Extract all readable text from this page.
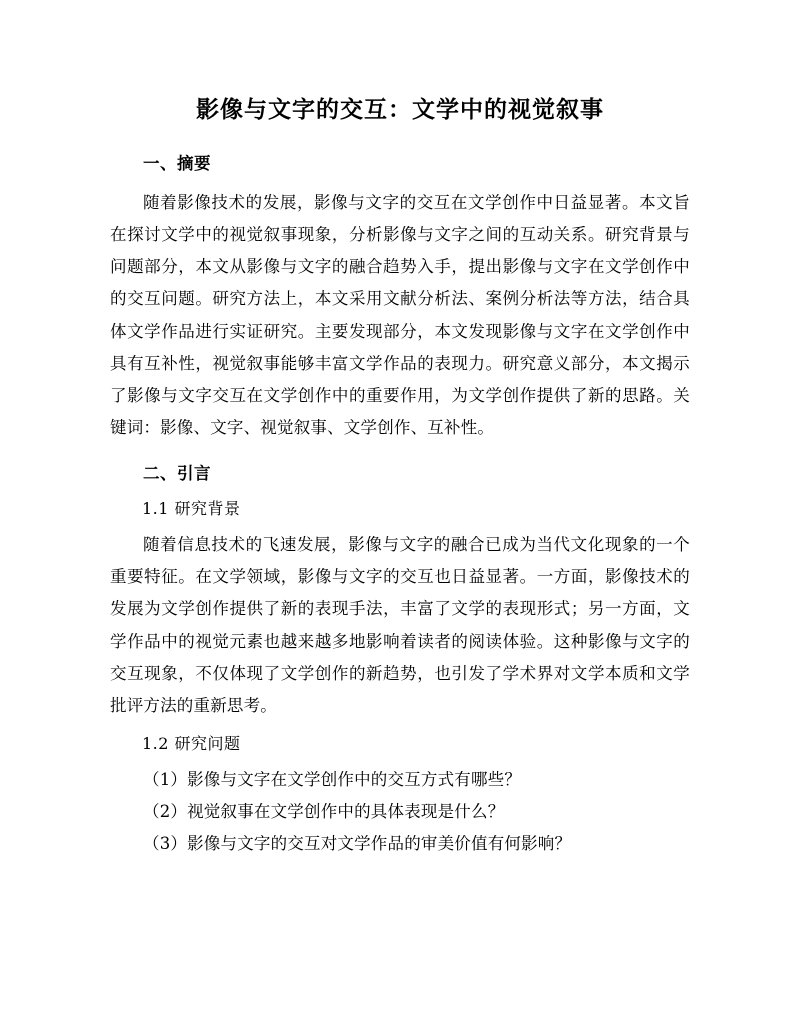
影像与文字的交互：文学中的视觉叙事
一、摘要

随着影像技术的发展，影像与文字的交互在文学创作中日益显著。本文旨在探讨文学中的视觉叙事现象，分析影像与文字之间的互动关系。研究背景与问题部分，本文从影像与文字的融合趋势入手，提出影像与文字在文学创作中的交互问题。研究方法上，本文采用文献分析法、案例分析法等方法，结合具体文学作品进行实证研究。主要发现部分，本文发现影像与文字在文学创作中具有互补性，视觉叙事能够丰富文学作品的表现力。研究意义部分，本文揭示了影像与文字交互在文学创作中的重要作用，为文学创作提供了新的思路。关键词：影像、文字、视觉叙事、文学创作、互补性。

二、引言
1.1 研究背景

随着信息技术的飞速发展，影像与文字的融合已成为当代文化现象的一个重要特征。在文学领域，影像与文字的交互也日益显著。一方面，影像技术的发展为文学创作提供了新的表现手法，丰富了文学的表现形式；另一方面，文学作品中的视觉元素也越来越多地影响着读者的阅读体验。这种影像与文字的交互现象，不仅体现了文学创作的新趋势，也引发了学术界对文学本质和文学批评方法的重新思考。

1.2 研究问题

（1）影像与文字在文学创作中的交互方式有哪些？

（2）视觉叙事在文学创作中的具体表现是什么？

（3）影像与文字的交互对文学作品的审美价值有何影响？
